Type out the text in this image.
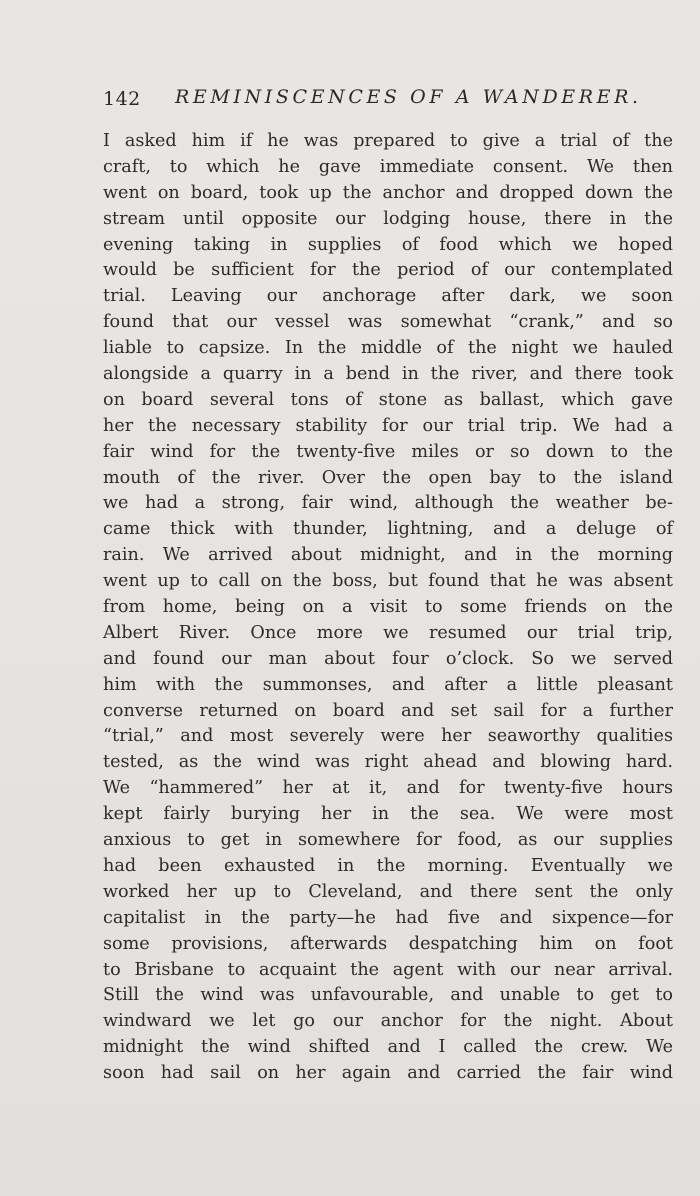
142 REMINISCENCES OF A WANDERER.
I asked him if he was prepared to give a trial of the
craft, to which he gave immediate consent. We then
went on board, took up the anchor and dropped down the
stream until opposite our lodging house, there in the
evening taking in supplies of food which we hoped
would be sufficient for the period of our contemplated
trial. Leaving our anchorage after dark, we soon
found that our vessel was somewhat “crank,” and so
liable to capsize. In the middle of the night we hauled
alongside a quarry in a bend in the river, and there took
on board several tons of stone as ballast, which gave
her the necessary stability for our trial trip. We had a
fair wind for the twenty-five miles or so down to the
mouth of the river. Over the open bay to the island
we had a strong, fair wind, although the weather be-
came thick with thunder, lightning, and a deluge of
rain. We arrived about midnight, and in the morning
went up to call on the boss, but found that he was absent
from home, being on a visit to some friends on the
Albert River. Once more we resumed our trial trip,
and found our man about four o’clock. So we served
him with the summonses, and after a little pleasant
converse returned on board and set sail for a further
“trial,” and most severely were her seaworthy qualities
tested, as the wind was right ahead and blowing hard.
We “hammered” her at it, and for twenty-five hours
kept fairly burying her in the sea. We were most
anxious to get in somewhere for food, as our supplies
had been exhausted in the morning. Eventually we
worked her up to Cleveland, and there sent the only
capitalist in the party—he had five and sixpence—for
some provisions, afterwards despatching him on foot
to Brisbane to acquaint the agent with our near arrival.
Still the wind was unfavourable, and unable to get to
windward we let go our anchor for the night. About
midnight the wind shifted and I called the crew. We
soon had sail on her again and carried the fair wind
